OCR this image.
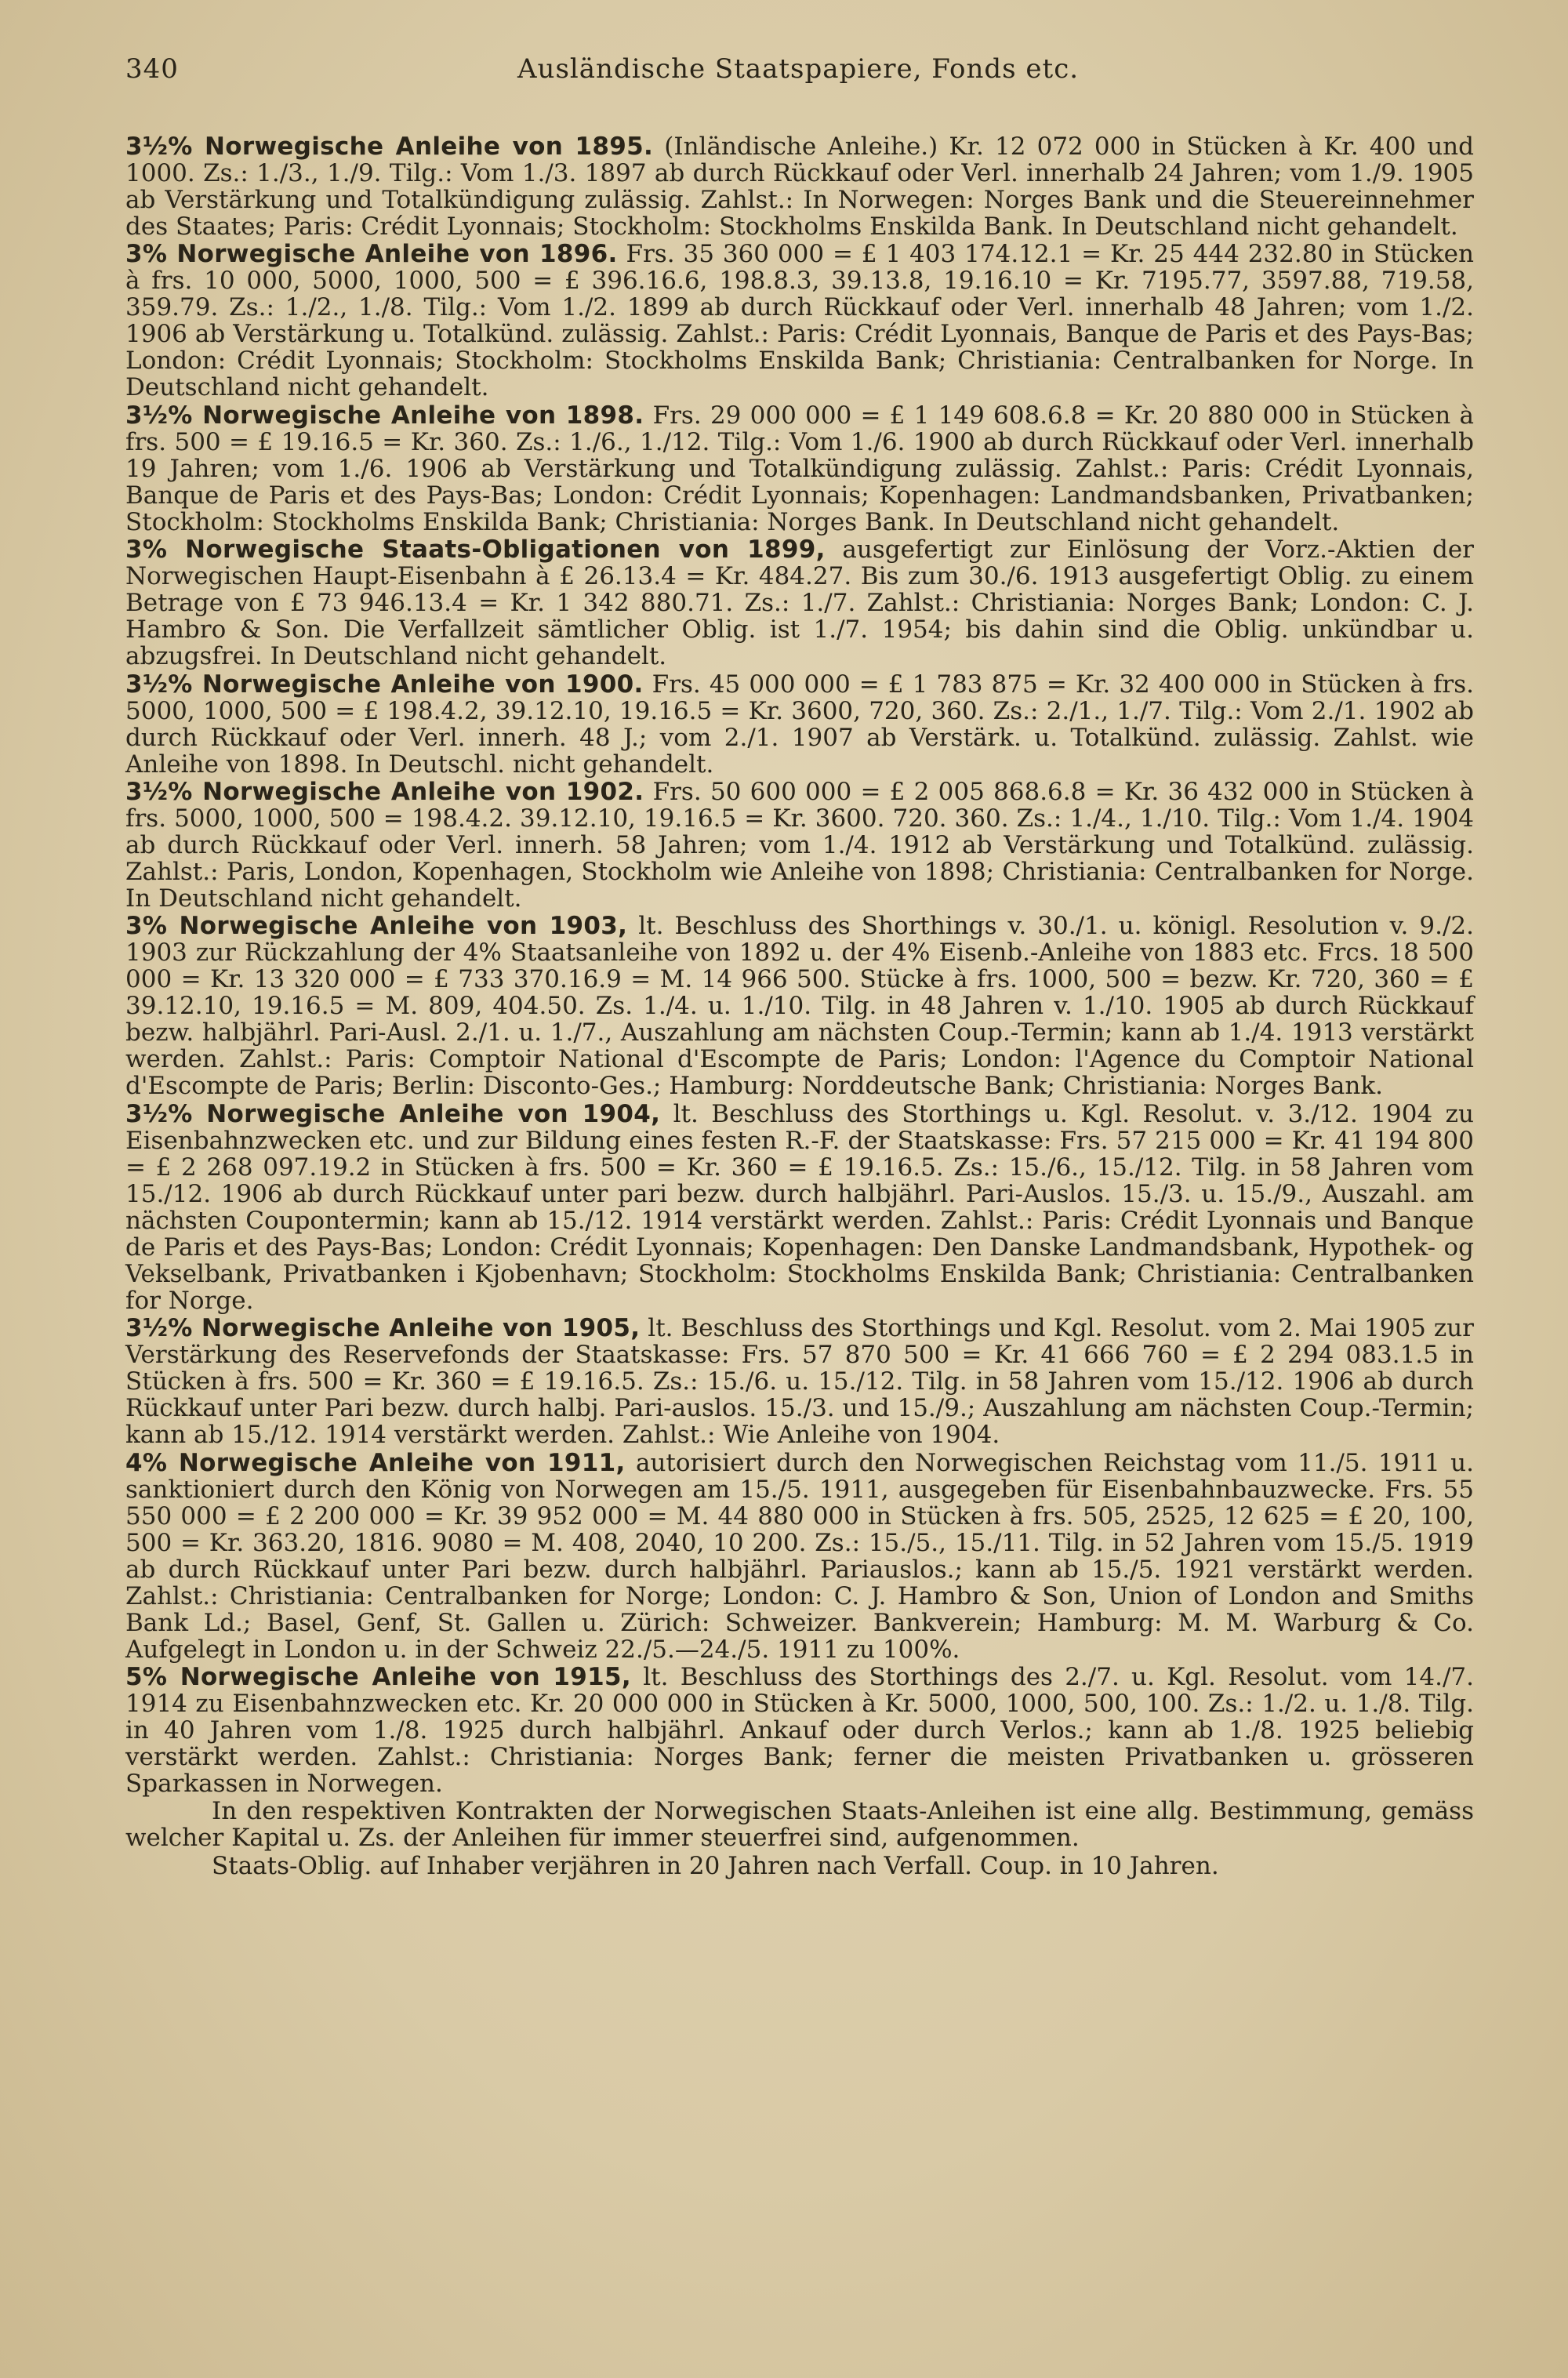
340	Ausländische Staatspapiere, Fonds etc.

3½% Norwegische Anleihe von 1895. (Inländische Anleihe.) Kr. 12 072 000 in Stücken à Kr. 400 und 1000. Zs.: 1./3., 1./9. Tilg.: Vom 1./3. 1897 ab durch Rückkauf oder Verl. innerhalb 24 Jahren; vom 1./9. 1905 ab Verstärkung und Totalkündigung zulässig. Zahlst.: In Norwegen: Norges Bank und die Steuereinnehmer des Staates; Paris: Crédit Lyonnais; Stockholm: Stockholms Enskilda Bank. In Deutschland nicht gehandelt.

3% Norwegische Anleihe von 1896. Frs. 35 360 000 = £ 1 403 174.12.1 = Kr. 25 444 232.80 in Stücken à frs. 10 000, 5000, 1000, 500 = £ 396.16.6, 198.8.3, 39.13.8, 19.16.10 = Kr. 7195.77, 3597.88, 719.58, 359.79. Zs.: 1./2., 1./8. Tilg.: Vom 1./2. 1899 ab durch Rückkauf oder Verl. innerhalb 48 Jahren; vom 1./2. 1906 ab Verstärkung u. Totalkünd. zulässig. Zahlst.: Paris: Crédit Lyonnais, Banque de Paris et des Pays-Bas; London: Crédit Lyonnais; Stockholm: Stockholms Enskilda Bank; Christiania: Centralbanken for Norge. In Deutschland nicht gehandelt.

3½% Norwegische Anleihe von 1898. Frs. 29 000 000 = £ 1 149 608.6.8 = Kr. 20 880 000 in Stücken à frs. 500 = £ 19.16.5 = Kr. 360. Zs.: 1./6., 1./12. Tilg.: Vom 1./6. 1900 ab durch Rückkauf oder Verl. innerhalb 19 Jahren; vom 1./6. 1906 ab Verstärkung und Totalkündigung zulässig. Zahlst.: Paris: Crédit Lyonnais, Banque de Paris et des Pays-Bas; London: Crédit Lyonnais; Kopenhagen: Landmandsbanken, Privatbanken; Stockholm: Stockholms Enskilda Bank; Christiania: Norges Bank. In Deutschland nicht gehandelt.

3% Norwegische Staats-Obligationen von 1899, ausgefertigt zur Einlösung der Vorz.-Aktien der Norwegischen Haupt-Eisenbahn à £ 26.13.4 = Kr. 484.27. Bis zum 30./6. 1913 ausgefertigt Oblig. zu einem Betrage von £ 73 946.13.4 = Kr. 1 342 880.71. Zs.: 1./7. Zahlst.: Christiania: Norges Bank; London: C. J. Hambro & Son. Die Verfallzeit sämtlicher Oblig. ist 1./7. 1954; bis dahin sind die Oblig. unkündbar u. abzugsfrei. In Deutschland nicht gehandelt.

3½% Norwegische Anleihe von 1900. Frs. 45 000 000 = £ 1 783 875 = Kr. 32 400 000 in Stücken à frs. 5000, 1000, 500 = £ 198.4.2, 39.12.10, 19.16.5 = Kr. 3600, 720, 360. Zs.: 2./1., 1./7. Tilg.: Vom 2./1. 1902 ab durch Rückkauf oder Verl. innerh. 48 J.; vom 2./1. 1907 ab Verstärk. u. Totalkünd. zulässig. Zahlst. wie Anleihe von 1898. In Deutschl. nicht gehandelt.

3½% Norwegische Anleihe von 1902. Frs. 50 600 000 = £ 2 005 868.6.8 = Kr. 36 432 000 in Stücken à frs. 5000, 1000, 500 = 198.4.2. 39.12.10, 19.16.5 = Kr. 3600. 720. 360. Zs.: 1./4., 1./10. Tilg.: Vom 1./4. 1904 ab durch Rückkauf oder Verl. innerh. 58 Jahren; vom 1./4. 1912 ab Verstärkung und Totalkünd. zulässig. Zahlst.: Paris, London, Kopenhagen, Stockholm wie Anleihe von 1898; Christiania: Centralbanken for Norge. In Deutschland nicht gehandelt.

3% Norwegische Anleihe von 1903, lt. Beschluss des Shorthings v. 30./1. u. königl. Resolution v. 9./2. 1903 zur Rückzahlung der 4% Staatsanleihe von 1892 u. der 4% Eisenb.-Anleihe von 1883 etc. Frcs. 18 500 000 = Kr. 13 320 000 = £ 733 370.16.9 = M. 14 966 500. Stücke à frs. 1000, 500 = bezw. Kr. 720, 360 = £ 39.12.10, 19.16.5 = M. 809, 404.50. Zs. 1./4. u. 1./10. Tilg. in 48 Jahren v. 1./10. 1905 ab durch Rückkauf bezw. halbjährl. Pari-Ausl. 2./1. u. 1./7., Auszahlung am nächsten Coup.-Termin; kann ab 1./4. 1913 verstärkt werden. Zahlst.: Paris: Comptoir National d'Escompte de Paris; London: l'Agence du Comptoir National d'Escompte de Paris; Berlin: Disconto-Ges.; Hamburg: Norddeutsche Bank; Christiania: Norges Bank.

3½% Norwegische Anleihe von 1904, lt. Beschluss des Storthings u. Kgl. Resolut. v. 3./12. 1904 zu Eisenbahnzwecken etc. und zur Bildung eines festen R.-F. der Staatskasse: Frs. 57 215 000 = Kr. 41 194 800 = £ 2 268 097.19.2 in Stücken à frs. 500 = Kr. 360 = £ 19.16.5. Zs.: 15./6., 15./12. Tilg. in 58 Jahren vom 15./12. 1906 ab durch Rückkauf unter pari bezw. durch halbjährl. Pari-Auslos. 15./3. u. 15./9., Auszahl. am nächsten Coupontermin; kann ab 15./12. 1914 verstärkt werden. Zahlst.: Paris: Crédit Lyonnais und Banque de Paris et des Pays-Bas; London: Crédit Lyonnais; Kopenhagen: Den Danske Landmandsbank, Hypothek- og Vekselbank, Privatbanken i Kjobenhavn; Stockholm: Stockholms Enskilda Bank; Christiania: Centralbanken for Norge.

3½% Norwegische Anleihe von 1905, lt. Beschluss des Storthings und Kgl. Resolut. vom 2. Mai 1905 zur Verstärkung des Reservefonds der Staatskasse: Frs. 57 870 500 = Kr. 41 666 760 = £ 2 294 083.1.5 in Stücken à frs. 500 = Kr. 360 = £ 19.16.5. Zs.: 15./6. u. 15./12. Tilg. in 58 Jahren vom 15./12. 1906 ab durch Rückkauf unter Pari bezw. durch halbj. Pari-auslos. 15./3. und 15./9.; Auszahlung am nächsten Coup.-Termin; kann ab 15./12. 1914 verstärkt werden. Zahlst.: Wie Anleihe von 1904.

4% Norwegische Anleihe von 1911, autorisiert durch den Norwegischen Reichstag vom 11./5. 1911 u. sanktioniert durch den König von Norwegen am 15./5. 1911, ausgegeben für Eisenbahnbauzwecke. Frs. 55 550 000 = £ 2 200 000 = Kr. 39 952 000 = M. 44 880 000 in Stücken à frs. 505, 2525, 12 625 = £ 20, 100, 500 = Kr. 363.20, 1816. 9080 = M. 408, 2040, 10 200. Zs.: 15./5., 15./11. Tilg. in 52 Jahren vom 15./5. 1919 ab durch Rückkauf unter Pari bezw. durch halbjährl. Pariauslos.; kann ab 15./5. 1921 verstärkt werden. Zahlst.: Christiania: Centralbanken for Norge; London: C. J. Hambro & Son, Union of London and Smiths Bank Ld.; Basel, Genf, St. Gallen u. Zürich: Schweizer. Bankverein; Hamburg: M. M. Warburg & Co. Aufgelegt in London u. in der Schweiz 22./5.—24./5. 1911 zu 100%.

5% Norwegische Anleihe von 1915, lt. Beschluss des Storthings des 2./7. u. Kgl. Resolut. vom 14./7. 1914 zu Eisenbahnzwecken etc. Kr. 20 000 000 in Stücken à Kr. 5000, 1000, 500, 100. Zs.: 1./2. u. 1./8. Tilg. in 40 Jahren vom 1./8. 1925 durch halbjährl. Ankauf oder durch Verlos.; kann ab 1./8. 1925 beliebig verstärkt werden. Zahlst.: Christiania: Norges Bank; ferner die meisten Privatbanken u. grösseren Sparkassen in Norwegen.

In den respektiven Kontrakten der Norwegischen Staats-Anleihen ist eine allg. Bestimmung, gemäss welcher Kapital u. Zs. der Anleihen für immer steuerfrei sind, aufgenommen.

Staats-Oblig. auf Inhaber verjähren in 20 Jahren nach Verfall. Coup. in 10 Jahren.
